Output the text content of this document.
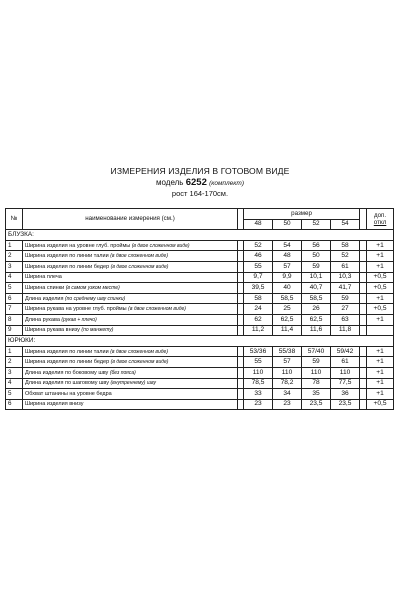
ИЗМЕРЕНИЯ ИЗДЕЛИЯ В ГОТОВОМ ВИДЕ
модель 6252 (комплект)
рост 164-170см.
№	наименование измерения (см.)		размер					доп.
откл

			48	50	52	54		
БЛУЗКА:								
1	Ширина изделия на уровне глуб. проймы (в двое сложенном виде)		52	54	56	58		+1
2	Ширина изделия по линии талии (в двое сложенном виде)		46	48	50	52		+1
3	Ширина изделия по линии бедер (в двое сложенном виде)		55	57	59	61		+1
4	Ширина плеча		9,7	9,9	10,1	10,3		+0,5
5	Ширина спинки (в самом узком месте)		39,5	40	40,7	41,7		+0,5
6	Длина изделия (по среднему шву спинки)		58	58,5	58,5	59		+1
7	Ширина рукава на уровне глуб. проймы (в двое сложенном виде)		24	25	26	27		+0,5
8	Длина рукава (рукав + плечо)		62	62,5	62,5	63		+1
9	Ширина рукава внизу (по манжету)		11,2	11,4	11,6	11,8		
ЮРЮКИ:								
1	Ширина изделия по линии талии (в двое сложенном виде)		53/36	55/38	57/40	59/42		+1
2	Ширина изделия по линии бедер (в двое сложенном виде)		55	57	59	61		+1
3	Длина изделия по боковому шву (без пояса)		110	110	110	110		+1
4	Длина изделия по шаговому шву (внутреннему) шву		78,5	78,2	78	77,5		+1
5	Обхват штанины на уровне бедра		33	34	35	36		+1
6	Ширина изделия внизу		23	23	23,5	23,5		+0,5
